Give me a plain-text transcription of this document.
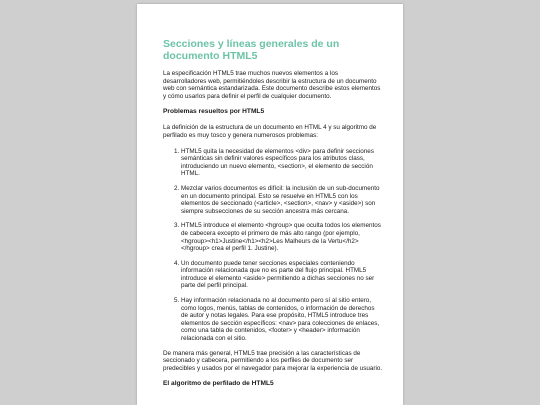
Secciones y líneas generales de un documento HTML5

La especificación HTML5 trae muchos nuevos elementos a los desarrolladores web, permitiéndoles describir la estructura de un documento web con semántica estandarizada. Este documento describe estos elementos y cómo usarlos para definir el perfil de cualquier documento.

Problemas resueltos por HTML5

La definición de la estructura de un documento en HTML 4 y su algoritmo de perfilado es muy tosco y genera numerosos problemas:

1. HTML5 quita la necesidad de elementos <div> para definir secciones semánticas sin definir valores específicos para los atributos class, introduciendo un nuevo elemento, <section>, el elemento de sección HTML.
2. Mezclar varios documentos es difícil: la inclusión de un sub-documento en un documento principal. Esto se resuelve en HTML5 con los elementos de seccionado (<article>, <section>, <nav> y <aside>) son siempre subsecciones de su sección ancestra más cercana.
3. HTML5 introduce el elemento <hgroup> que oculta todos los elementos de cabecera excepto el primero de más alto rango (por ejemplo, <hgroup><h1>Justine</h1><h2>Les Malheurs de la Vertu</h2></hgroup> crea el perfil 1. Justine).
4. Un documento puede tener secciones especiales conteniendo información relacionada que no es parte del flujo principal. HTML5 introduce el elemento <aside> permitiendo a dichas secciones no ser parte del perfil principal.
5. Hay información relacionada no al documento pero sí al sitio entero, como logos, menús, tablas de contenidos, o información de derechos de autor y notas legales. Para ese propósito, HTML5 introduce tres elementos de sección específicos: <nav> para colecciones de enlaces, como una tabla de contenidos, <footer> y <header> información relacionada con el sitio.

De manera más general, HTML5 trae precisión a las características de seccionado y cabecera, permitiendo a los perfiles de documento ser predecibles y usados por el navegador para mejorar la experiencia de usuario.

El algoritmo de perfilado de HTML5
